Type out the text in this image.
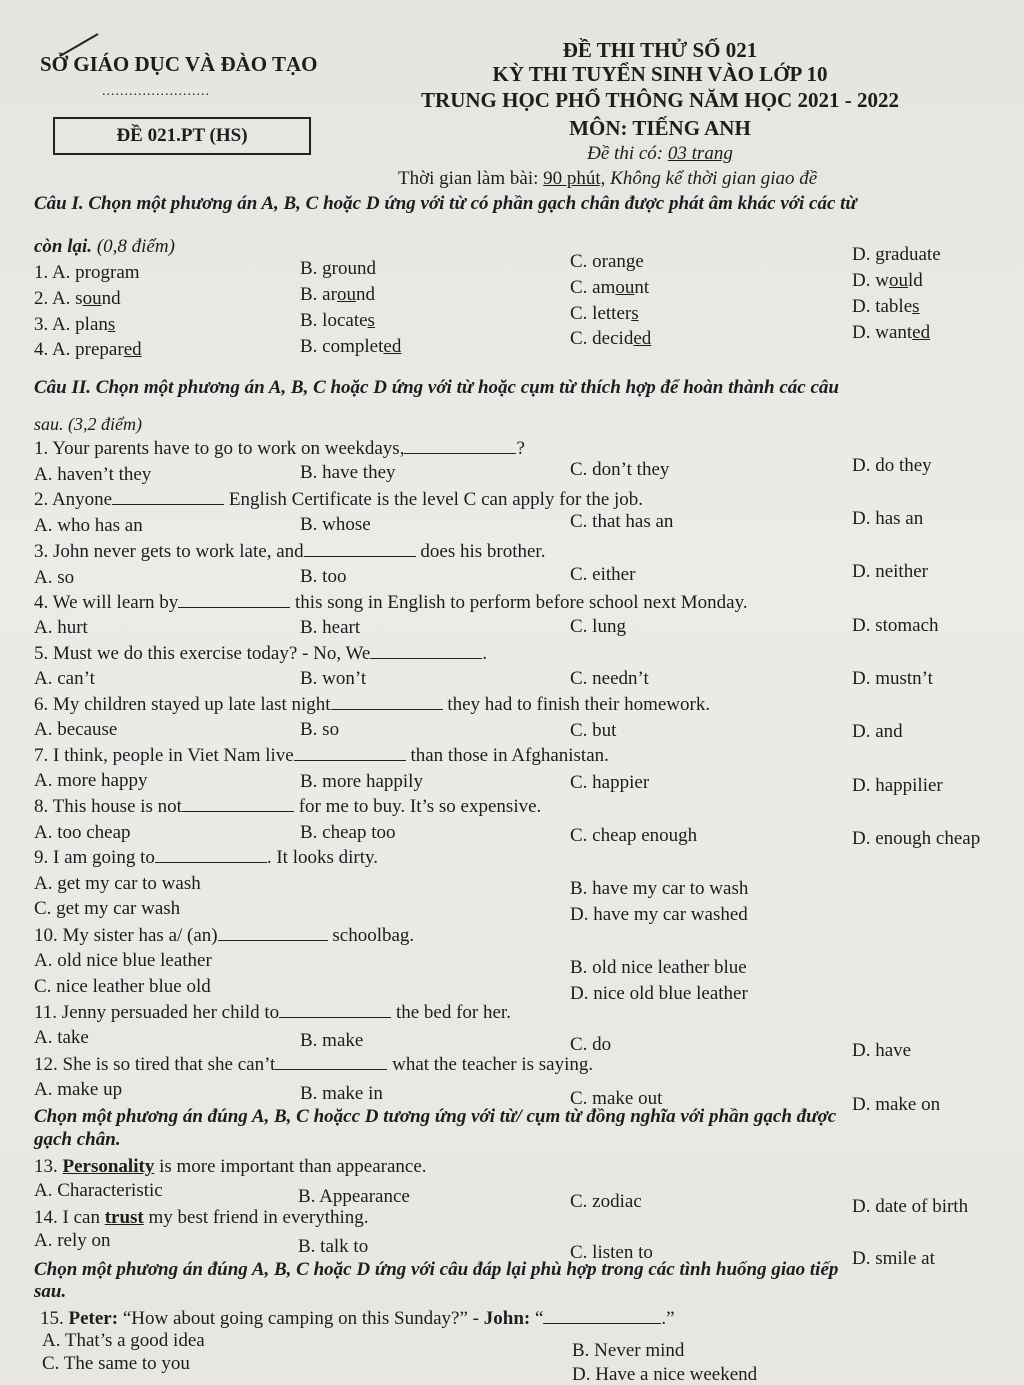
SỞ GIÁO DỤC VÀ ĐÀO TẠO
........................
ĐỀ 021.PT (HS)
ĐỀ THI THỬ SỐ 021
KỲ THI TUYỂN SINH VÀO LỚP 10
TRUNG HỌC PHỔ THÔNG NĂM HỌC 2021 - 2022
MÔN: TIẾNG ANH
Đề thi có: 03 trang
Thời gian làm bài: 90 phút, Không kể thời gian giao đề
Câu I. Chọn một phương án A, B, C hoặc D ứng với từ có phần gạch chân được phát âm khác với các từ
còn lại. (0,8 điểm)
1. A. program	B. ground	C. orange	D. graduate
2. A. sound	B. around	C. amount	D. would
3. A. plans	B. locates	C. letters	D. tables
4. A. prepared	B. completed	C. decided	D. wanted
Câu II. Chọn một phương án A, B, C hoặc D ứng với từ hoặc cụm từ thích hợp để hoàn thành các câu
sau. (3,2 điểm)
1. Your parents have to go to work on weekdays,	?
A. haven’t they	B. have they	C. don’t they	D. do they
2. Anyone	English Certificate is the level C can apply for the job.
A. who has an	B. whose	C. that has an	D. has an
3. John never gets to work late, and	does his brother.
A. so	B. too	C. either	D. neither
4. We will learn by	this song in English to perform before school next Monday.
A. hurt	B. heart	C. lung	D. stomach
5. Must we do this exercise today? - No, We	.
A. can’t	B. won’t	C. needn’t	D. mustn’t
6. My children stayed up late last night	they had to finish their homework.
A. because	B. so	C. but	D. and
7. I think, people in Viet Nam live	than those in Afghanistan.
A. more happy	B. more happily	C. happier	D. happilier
8. This house is not	for me to buy. It’s so expensive.
A. too cheap	B. cheap too	C. cheap enough	D. enough cheap
9. I am going to	. It looks dirty.
A. get my car to wash	B. have my car to wash
C. get my car wash	D. have my car washed
10. My sister has a/ (an)	schoolbag.
A. old nice blue leather	B. old nice leather blue
C. nice leather blue old	D. nice old blue leather
11. Jenny persuaded her child to	the bed for her.
A. take	B. make	C. do	D. have
12. She is so tired that she can’t	what the teacher is saying.
A. make up	B. make in	C. make out	D. make on
Chọn một phương án đúng A, B, C hoặcc D tương ứng với từ/ cụm từ đồng nghĩa với phần gạch được
gạch chân.
13. Personality is more important than appearance.
A. Characteristic	B. Appearance	C. zodiac	D. date of birth
14. I can trust my best friend in everything.
A. rely on	B. talk to	C. listen to	D. smile at
Chọn một phương án đúng A, B, C hoặc D ứng với câu đáp lại phù hợp trong các tình huống giao tiếp
sau.
15. Peter: “How about going camping on this Sunday?” - John: “	.”
A. That’s a good idea	B. Never mind
C. The same to you
D. Have a nice weekend
